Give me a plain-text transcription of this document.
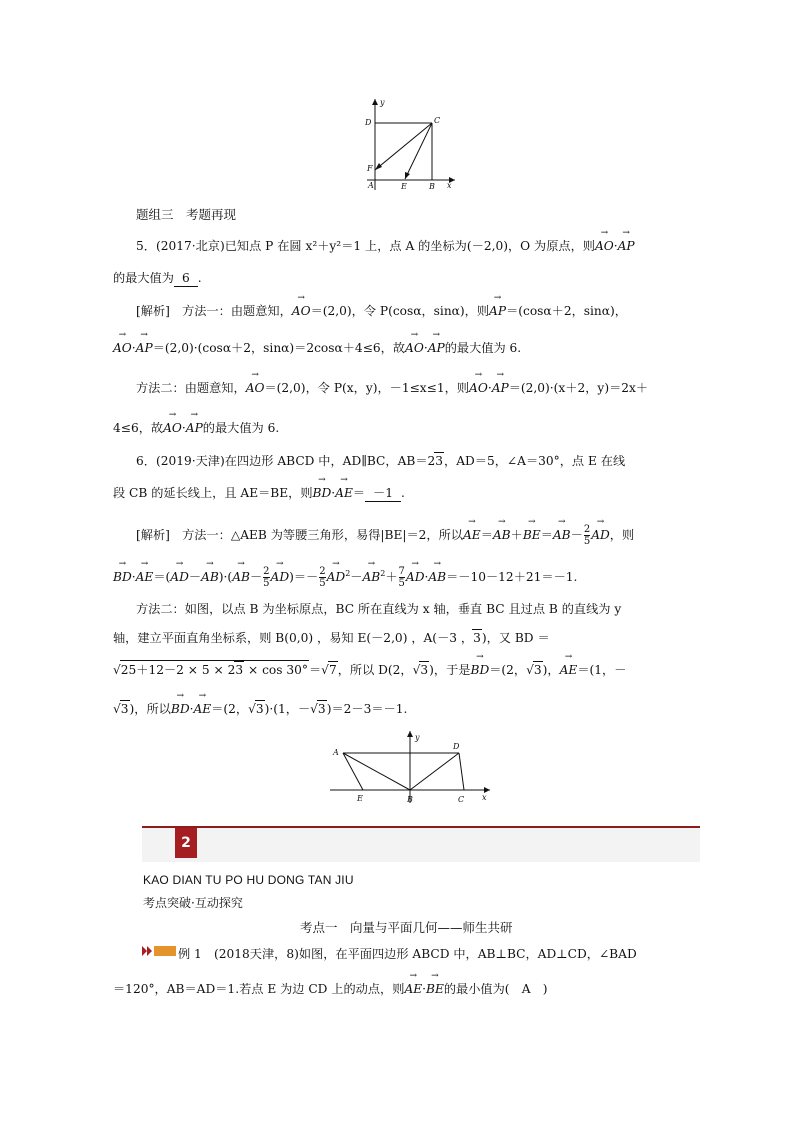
y
D	C
F
A	E	B x
题组三　考题再现
5．(2017·北京)已知点 P 在圆 x²＋y²＝1 上，点 A 的坐标为(－2,0)，O 为原点，则→ AO·→ AP
的最大值为 6 .
[解析]　方法一：由题意知，→ AO＝(2,0)，令 P(cosα，sinα)，则→ AP＝(cosα＋2，sinα)，
→ AO·→ AP＝(2,0)·(cosα＋2，sinα)＝2cosα＋4≤6，故→ AO·→ AP的最大值为 6.
方法二：由题意知，→ AO＝(2,0)，令 P(x，y)，－1≤x≤1，则→ AO·→ AP＝(2,0)·(x＋2，y)＝2x＋
4≤6，故→ AO·→ AP的最大值为 6.
6．(2019·天津)在四边形 ABCD 中，AD∥BC，AB＝23，AD＝5，∠A＝30°，点 E 在线
段 CB 的延长线上，且 AE＝BE，则→ BD·→ AE＝ －1 .
[解析]　方法一：△AEB 为等腰三角形，易得|BE|＝2，所以→ $AE=\to AB+\to BE=\to AB- \frac{2}{5}$
→ AD，则
→ $BD\cdot\to AE=(\to AD-\to AB)\cdot(\to AB- \frac{2}{5}$
→ $AD)=- \frac{2}{5}$
→ $AD^2-\to AB^2+ \frac{7}{5}$
→ AD·→ AB＝－10－12＋21＝－1.
方法二：如图，以点 B 为坐标原点，BC 所在直线为 x 轴，垂直 BC 且过点 B 的直线为 y
轴，建立平面直角坐标系，则 B(0,0) ，易知 E(－2,0) ，A(－3 ，3)，又 BD ＝
√25＋12－2 × 5 × 23 × cos 30°＝√7，所以 D(2，√3)，于是→ BD＝(2，√3)，→ AE＝(1，－
√3)，所以→ BD·→ AE＝(2，√3)·(1，－√3)＝2－3＝－1.
y
A
D
E	B	C x
2
KAO DIAN TU PO HU DONG TAN JIU
考点突破·互动探究
考点一　向量与平面几何——师生共研
例 1　(2018天津，8)如图，在平面四边形 ABCD 中，AB⊥BC，AD⊥CD，∠BAD
＝120°，AB＝AD＝1.若点 E 为边 CD 上的动点，则→ AE·→ BE的最小值为(　A　)
